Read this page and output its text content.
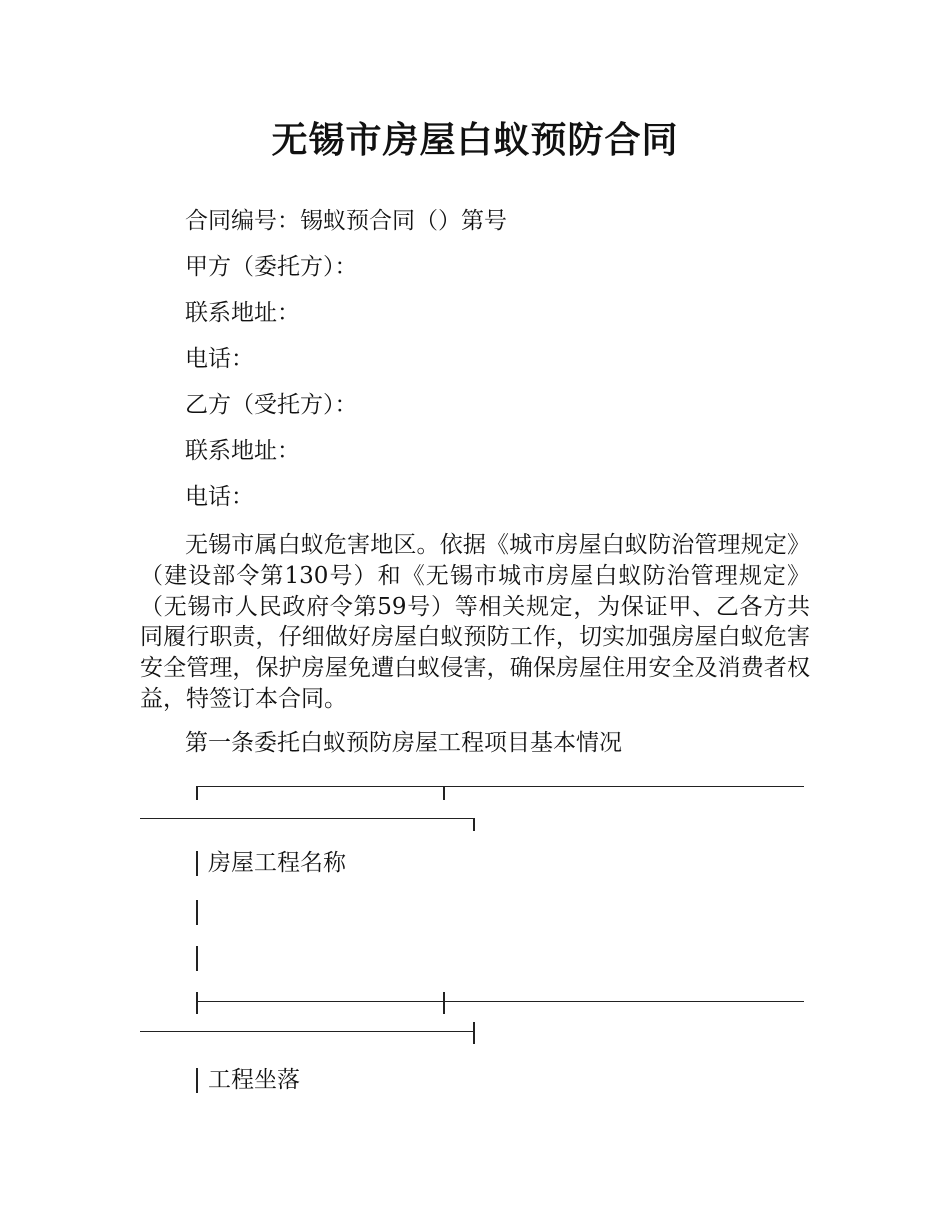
无锡市房屋白蚁预防合同
合同编号：锡蚁预合同（）第号
甲方（委托方）：
联系地址：
电话：
乙方（受托方）：
联系地址：
电话：
无锡市属白蚁危害地区。依据《城市房屋白蚁防治管理规定》（建设部令第130号）和《无锡市城市房屋白蚁防治管理规定》（无锡市人民政府令第59号）等相关规定，为保证甲、乙各方共同履行职责，仔细做好房屋白蚁预防工作，切实加强房屋白蚁危害安全管理，保护房屋免遭白蚁侵害，确保房屋住用安全及消费者权益，特签订本合同。
第一条委托白蚁预防房屋工程项目基本情况
房屋工程名称
工程坐落
